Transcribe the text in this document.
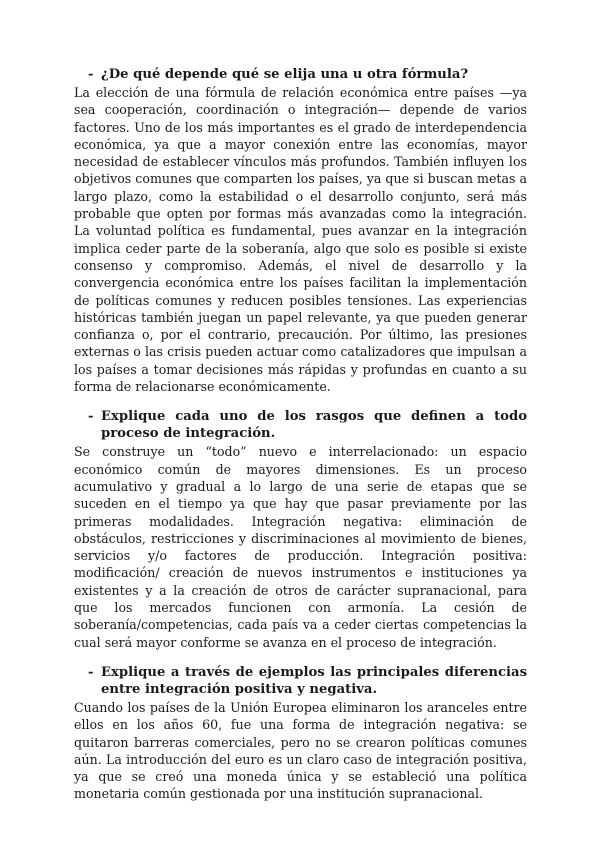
- ¿De qué depende qué se elija una u otra fórmula?

La elección de una fórmula de relación económica entre países —ya sea cooperación, coordinación o integración— depende de varios factores. Uno de los más importantes es el grado de interdependencia económica, ya que a mayor conexión entre las economías, mayor necesidad de establecer vínculos más profundos. También influyen los objetivos comunes que comparten los países, ya que si buscan metas a largo plazo, como la estabilidad o el desarrollo conjunto, será más probable que opten por formas más avanzadas como la integración. La voluntad política es fundamental, pues avanzar en la integración implica ceder parte de la soberanía, algo que solo es posible si existe consenso y compromiso. Además, el nivel de desarrollo y la convergencia económica entre los países facilitan la implementación de políticas comunes y reducen posibles tensiones. Las experiencias históricas también juegan un papel relevante, ya que pueden generar confianza o, por el contrario, precaución. Por último, las presiones externas o las crisis pueden actuar como catalizadores que impulsan a los países a tomar decisiones más rápidas y profundas en cuanto a su forma de relacionarse económicamente.

- Explique cada uno de los rasgos que definen a todo proceso de integración.

Se construye un “todo” nuevo e interrelacionado: un espacio económico común de mayores dimensiones. Es un proceso acumulativo y gradual a lo largo de una serie de etapas que se suceden en el tiempo ya que hay que pasar previamente por las primeras modalidades. Integración negativa: eliminación de obstáculos, restricciones y discriminaciones al movimiento de bienes, servicios y/o factores de producción. Integración positiva: modificación/ creación de nuevos instrumentos e instituciones ya existentes y a la creación de otros de carácter supranacional, para que los mercados funcionen con armonía. La cesión de soberanía/competencias, cada país va a ceder ciertas competencias la cual será mayor conforme se avanza en el proceso de integración.

- Explique a través de ejemplos las principales diferencias entre integración positiva y negativa.

Cuando los países de la Unión Europea eliminaron los aranceles entre ellos en los años 60, fue una forma de integración negativa: se quitaron barreras comerciales, pero no se crearon políticas comunes aún. La introducción del euro es un claro caso de integración positiva, ya que se creó una moneda única y se estableció una política monetaria común gestionada por una institución supranacional.
